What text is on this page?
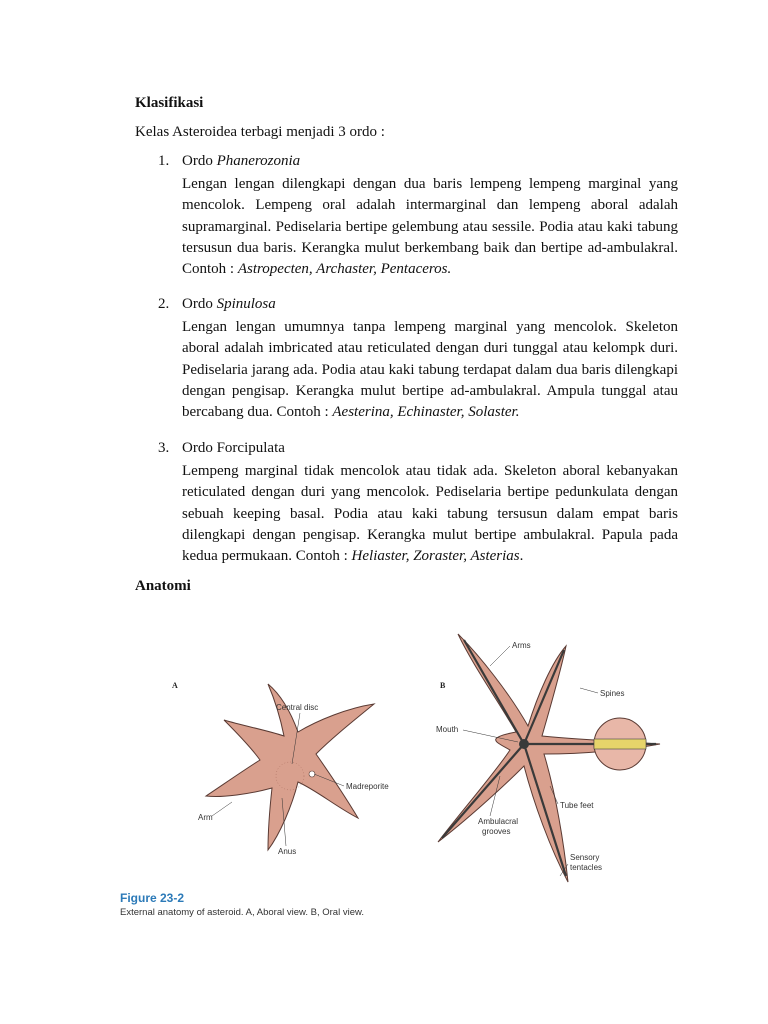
Klasifikasi
Kelas Asteroidea terbagi menjadi 3 ordo :
1. Ordo Phanerozonia
Lengan lengan dilengkapi dengan dua baris lempeng lempeng marginal yang mencolok. Lempeng oral adalah intermarginal dan lempeng aboral adalah supramarginal. Pediselaria bertipe gelembung atau sessile. Podia atau kaki tabung tersusun dua baris. Kerangka mulut berkembang baik dan bertipe ad-ambulakral. Contoh : Astropecten, Archaster, Pentaceros.
2. Ordo Spinulosa
Lengan lengan umumnya tanpa lempeng marginal yang mencolok. Skeleton aboral adalah imbricated atau reticulated dengan duri tunggal atau kelompk duri. Pediselaria jarang ada. Podia atau kaki tabung terdapat dalam dua baris dilengkapi dengan pengisap. Kerangka mulut bertipe ad-ambulakral. Ampula tunggal atau bercabang dua. Contoh : Aesterina, Echinaster, Solaster.
3. Ordo Forcipulata
Lempeng marginal tidak mencolok atau tidak ada. Skeleton aboral kebanyakan reticulated dengan duri yang mencolok. Pediselaria bertipe pedunkulata dengan sebuah keeping basal. Podia atau kaki tabung tersusun dalam empat baris dilengkapi dengan pengisap. Kerangka mulut bertipe ambulakral. Papula pada kedua permukaan. Contoh : Heliaster, Zoraster, Asterias.
Anatomi
A
Central disc
Madreporite
Arm
Anus
B
Arms
Spines
Mouth
Tube feet
Ambulacral
grooves
Sensory
tentacles
Figure 23-2
External anatomy of asteroid. A, Aboral view. B, Oral view.
